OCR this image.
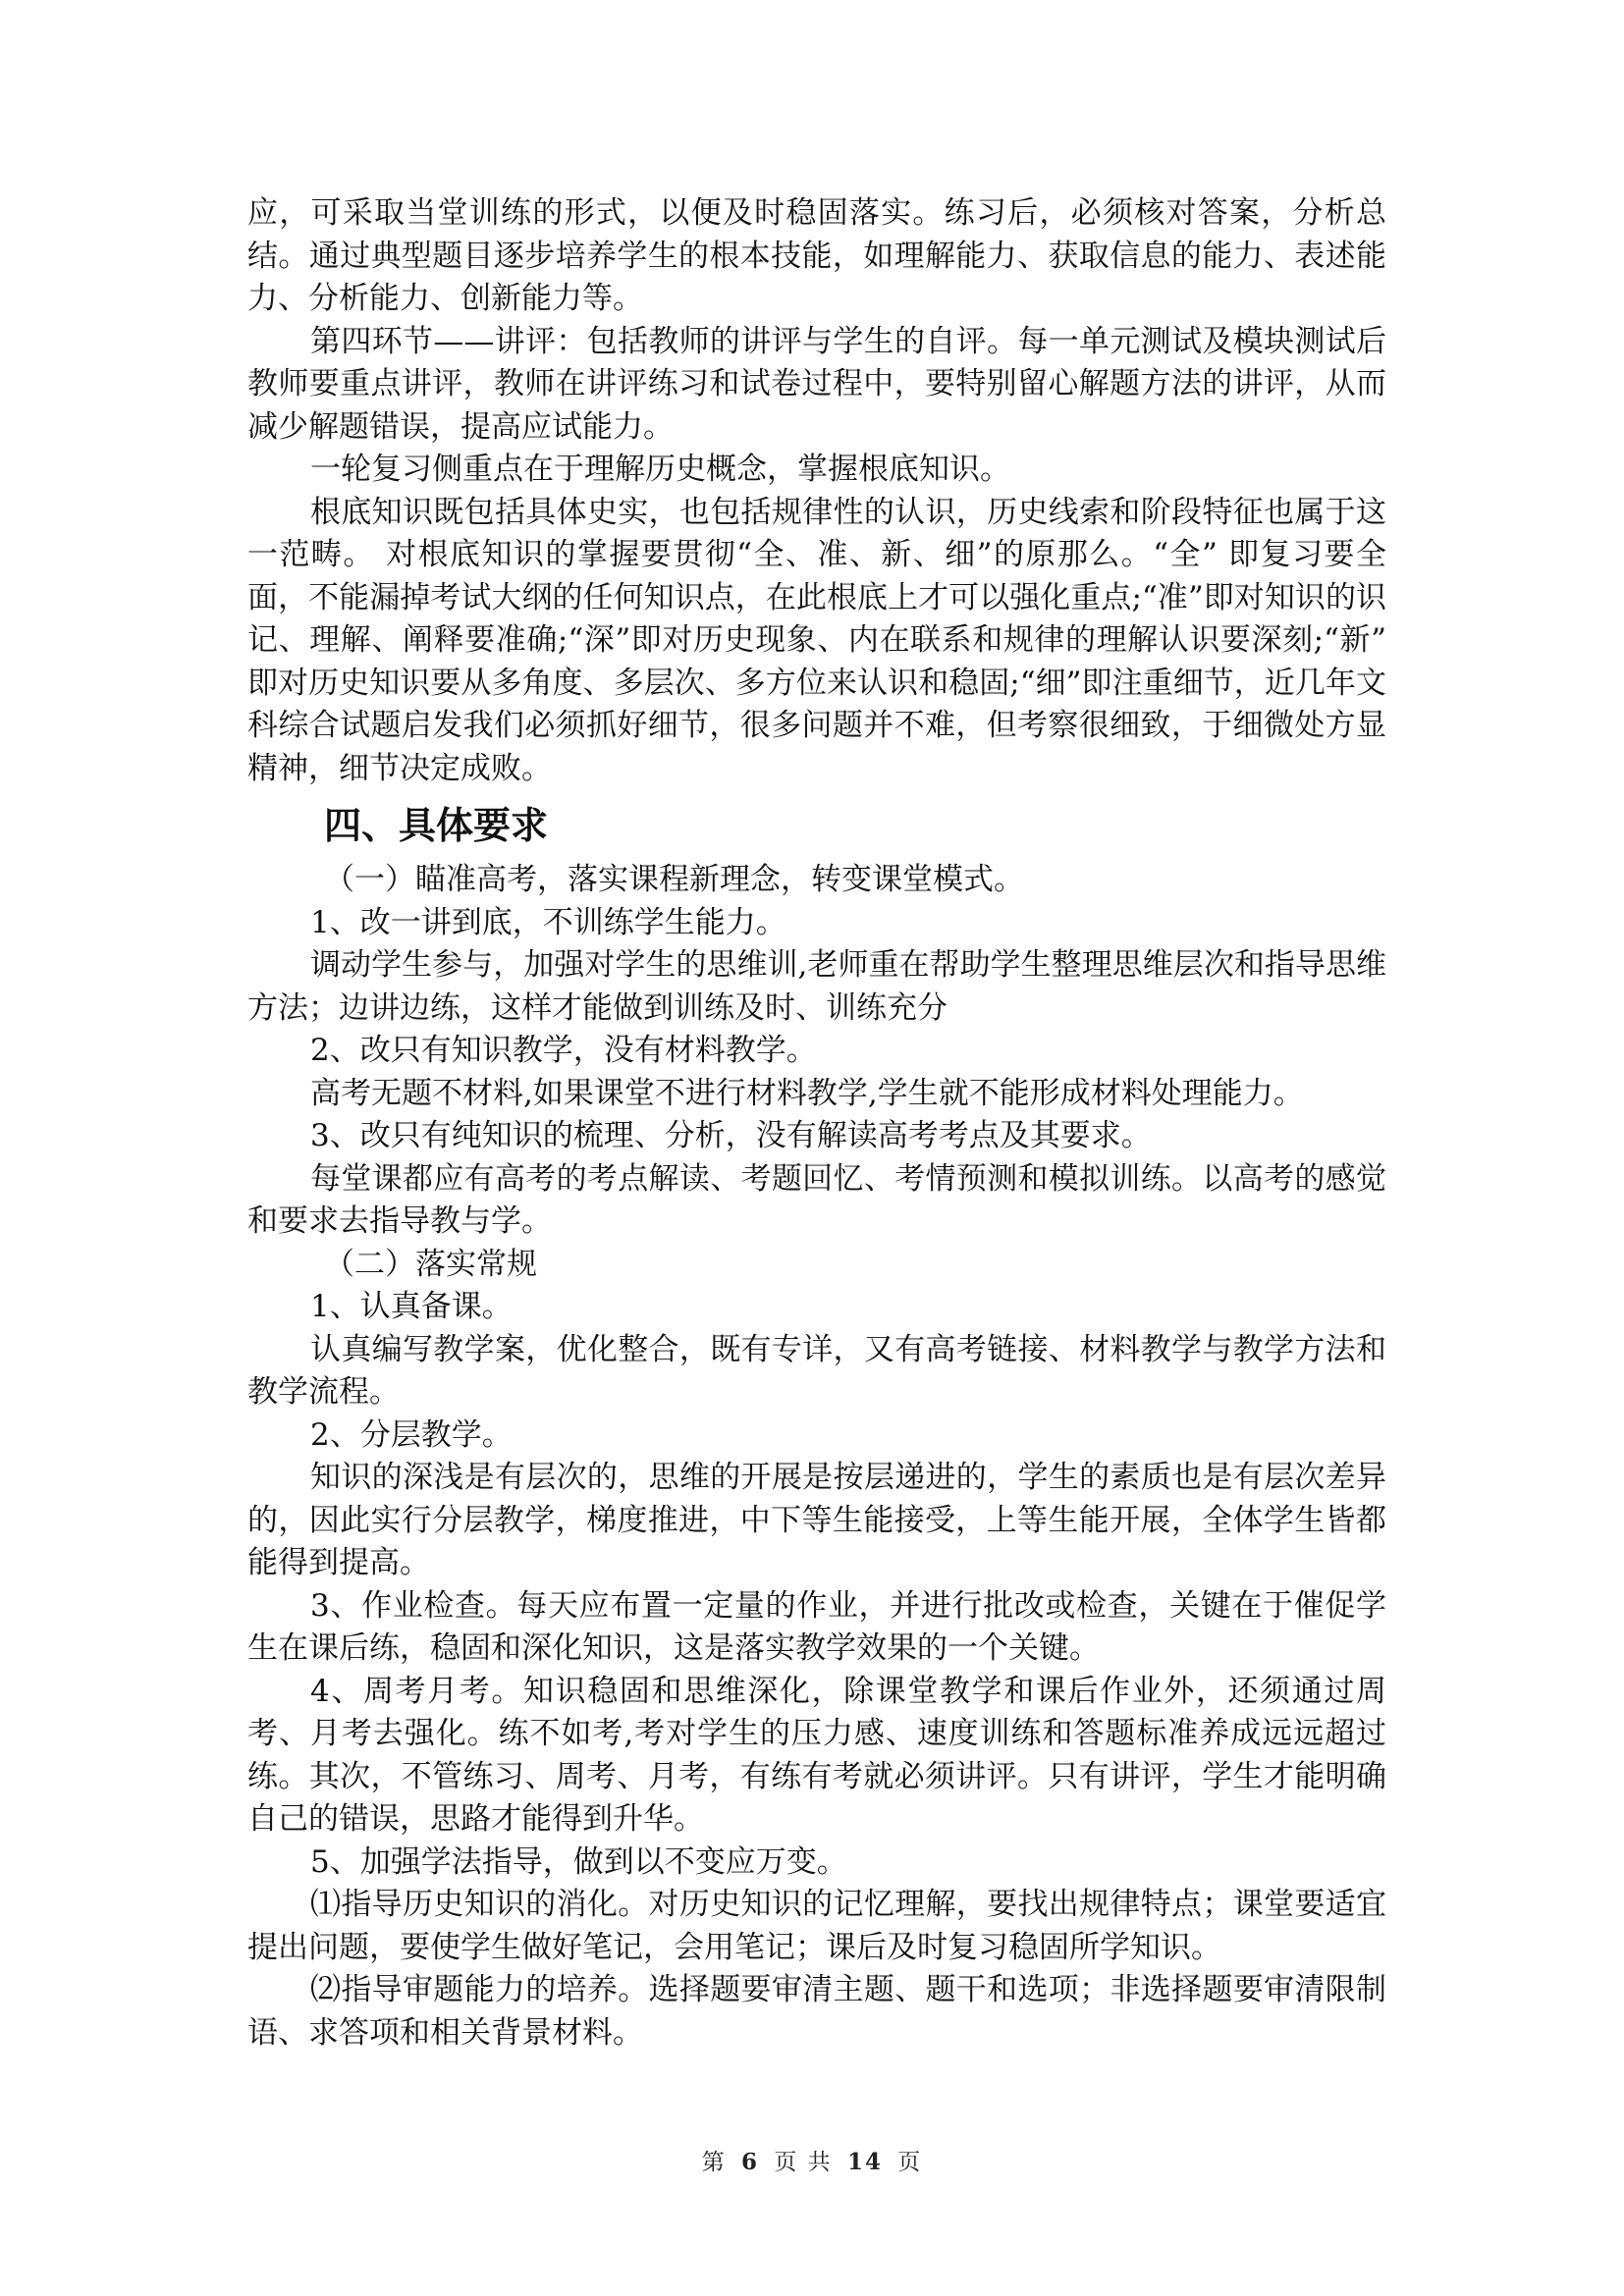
应，可采取当堂训练的形式，以便及时稳固落实。练习后，必须核对答案，分析总结。通过典型题目逐步培养学生的根本技能，如理解能力、获取信息的能力、表述能力、分析能力、创新能力等。

第四环节——讲评：包括教师的讲评与学生的自评。每一单元测试及模块测试后教师要重点讲评，教师在讲评练习和试卷过程中，要特别留心解题方法的讲评，从而减少解题错误，提高应试能力。

一轮复习侧重点在于理解历史概念，掌握根底知识。

根底知识既包括具体史实，也包括规律性的认识，历史线索和阶段特征也属于这一范畴。 对根底知识的掌握要贯彻“全、准、新、细”的原那么。“全” 即复习要全面，不能漏掉考试大纲的任何知识点，在此根底上才可以强化重点;“准”即对知识的识记、理解、阐释要准确;“深”即对历史现象、内在联系和规律的理解认识要深刻;“新” 即对历史知识要从多角度、多层次、多方位来认识和稳固;“细”即注重细节，近几年文科综合试题启发我们必须抓好细节，很多问题并不难，但考察很细致，于细微处方显精神，细节决定成败。

四、具体要求

（一）瞄准高考，落实课程新理念，转变课堂模式。

1、改一讲到底，不训练学生能力。

调动学生参与，加强对学生的思维训,老师重在帮助学生整理思维层次和指导思维方法；边讲边练，这样才能做到训练及时、训练充分

2、改只有知识教学，没有材料教学。

高考无题不材料,如果课堂不进行材料教学,学生就不能形成材料处理能力。

3、改只有纯知识的梳理、分析，没有解读高考考点及其要求。

每堂课都应有高考的考点解读、考题回忆、考情预测和模拟训练。以高考的感觉和要求去指导教与学。

（二）落实常规

1、认真备课。

认真编写教学案，优化整合，既有专详，又有高考链接、材料教学与教学方法和教学流程。

2、分层教学。

知识的深浅是有层次的，思维的开展是按层递进的，学生的素质也是有层次差异的，因此实行分层教学，梯度推进，中下等生能接受，上等生能开展，全体学生皆都能得到提高。

3、作业检查。每天应布置一定量的作业，并进行批改或检查，关键在于催促学生在课后练，稳固和深化知识，这是落实教学效果的一个关键。

4、周考月考。知识稳固和思维深化，除课堂教学和课后作业外，还须通过周考、月考去强化。练不如考,考对学生的压力感、速度训练和答题标准养成远远超过练。其次，不管练习、周考、月考，有练有考就必须讲评。只有讲评，学生才能明确自己的错误，思路才能得到升华。

5、加强学法指导，做到以不变应万变。

⑴指导历史知识的消化。对历史知识的记忆理解，要找出规律特点；课堂要适宜提出问题，要使学生做好笔记，会用笔记；课后及时复习稳固所学知识。

⑵指导审题能力的培养。选择题要审清主题、题干和选项；非选择题要审清限制语、求答项和相关背景材料。

第 6 页 共 14 页
